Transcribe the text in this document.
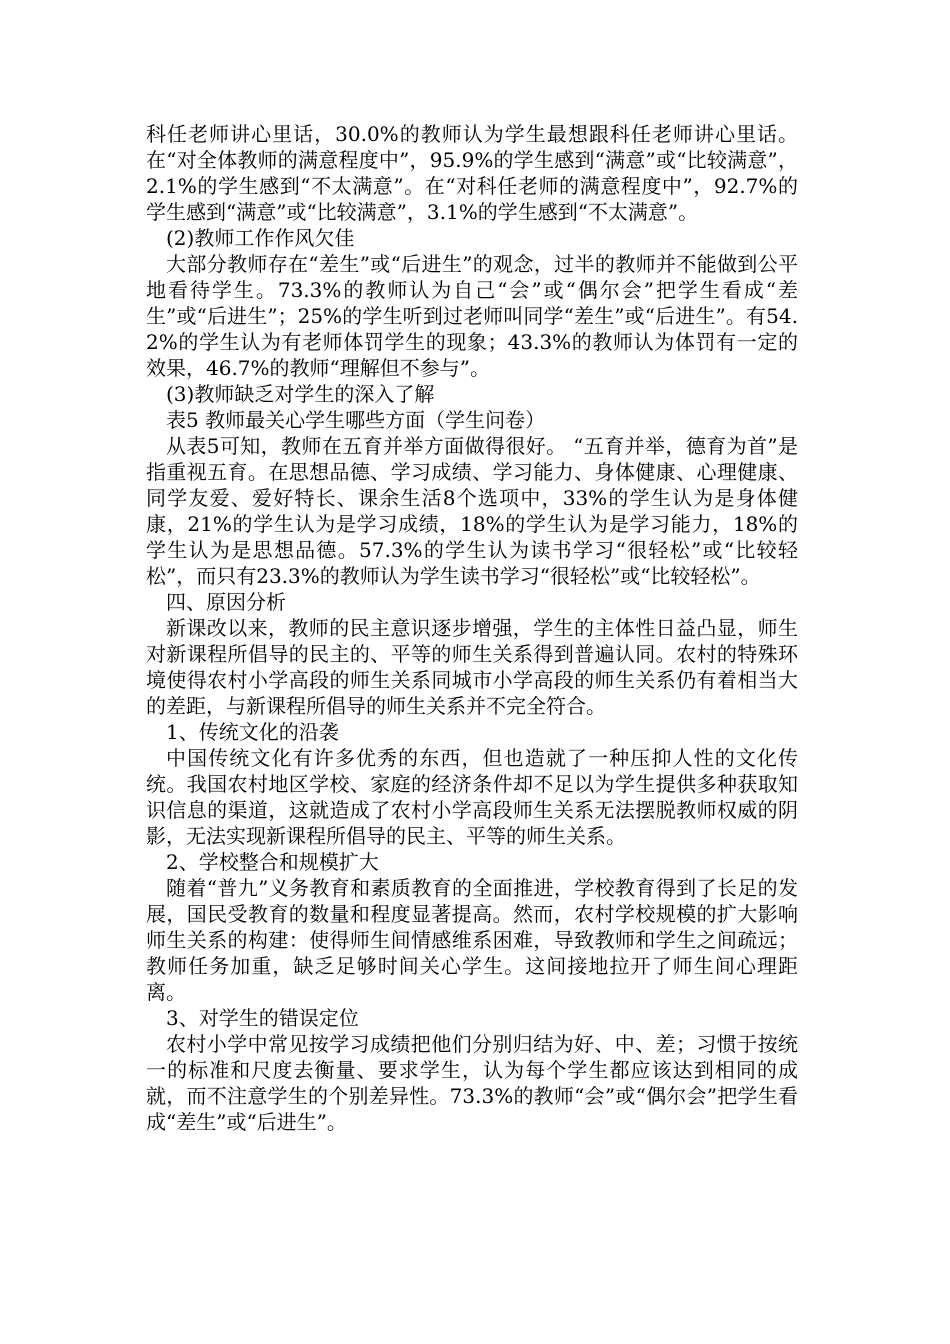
科任老师讲心里话，30.0%的教师认为学生最想跟科任老师讲心里话。在“对全体教师的满意程度中”，95.9%的学生感到“满意”或“比较满意”，2.1%的学生感到“不太满意”。在“对科任老师的满意程度中”，92.7%的学生感到“满意”或“比较满意”，3.1%的学生感到“不太满意”。

(2)教师工作作风欠佳

大部分教师存在“差生”或“后进生”的观念，过半的教师并不能做到公平地看待学生。73.3%的教师认为自己“会”或“偶尔会”把学生看成“差生”或“后进生”；25%的学生听到过老师叫同学“差生”或“后进生”。有54.2%的学生认为有老师体罚学生的现象；43.3%的教师认为体罚有一定的效果，46.7%的教师“理解但不参与”。

(3)教师缺乏对学生的深入了解

表5 教师最关心学生哪些方面（学生问卷）

从表5可知，教师在五育并举方面做得很好。 “五育并举，德育为首”是指重视五育。在思想品德、学习成绩、学习能力、身体健康、心理健康、同学友爱、爱好特长、课余生活8个选项中，33%的学生认为是身体健康，21%的学生认为是学习成绩，18%的学生认为是学习能力，18%的学生认为是思想品德。57.3%的学生认为读书学习“很轻松”或“比较轻松”，而只有23.3%的教师认为学生读书学习“很轻松”或“比较轻松”。

四、原因分析

新课改以来，教师的民主意识逐步增强，学生的主体性日益凸显，师生对新课程所倡导的民主的、平等的师生关系得到普遍认同。农村的特殊环境使得农村小学高段的师生关系同城市小学高段的师生关系仍有着相当大的差距，与新课程所倡导的师生关系并不完全符合。

1、传统文化的沿袭

中国传统文化有许多优秀的东西，但也造就了一种压抑人性的文化传统。我国农村地区学校、家庭的经济条件却不足以为学生提供多种获取知识信息的渠道，这就造成了农村小学高段师生关系无法摆脱教师权威的阴影，无法实现新课程所倡导的民主、平等的师生关系。

2、学校整合和规模扩大

随着“普九”义务教育和素质教育的全面推进，学校教育得到了长足的发展，国民受教育的数量和程度显著提高。然而，农村学校规模的扩大影响师生关系的构建：使得师生间情感维系困难，导致教师和学生之间疏远；教师任务加重，缺乏足够时间关心学生。这间接地拉开了师生间心理距离。

3、对学生的错误定位

农村小学中常见按学习成绩把他们分别归结为好、中、差；习惯于按统一的标准和尺度去衡量、要求学生，认为每个学生都应该达到相同的成就，而不注意学生的个别差异性。73.3%的教师“会”或“偶尔会”把学生看成“差生”或“后进生”。
